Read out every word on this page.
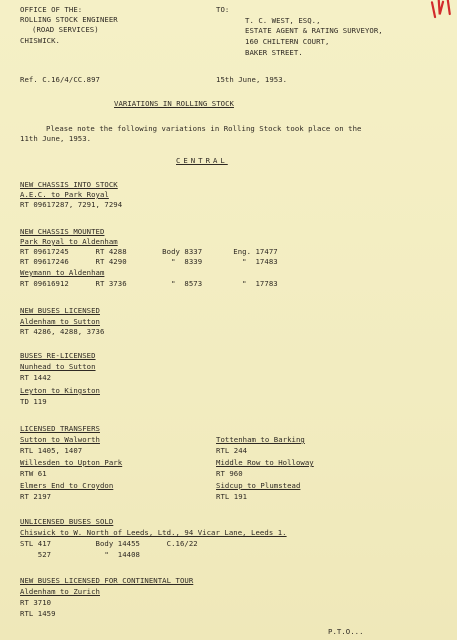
OFFICE OF THE:
ROLLING STOCK ENGINEER
(ROAD SERVICES)
CHISWICK.
TO:
T. C. WEST, ESQ.,
ESTATE AGENT & RATING SURVEYOR,
160 CHILTERN COURT,
BAKER STREET.
Ref. C.16/4/CC.897	15th June, 1953.
VARIATIONS IN ROLLING STOCK
Please note the following variations in Rolling Stock took place on the
11th June, 1953.
CENTRAL
NEW CHASSIS INTO STOCK
A.E.C. to Park Royal
RT 09617287, 7291, 7294
NEW CHASSIS MOUNTED
Park Royal to Aldenham
RT 09617245      RT 4288        Body 8337       Eng. 17477
RT 09617246      RT 4290          "  8339         "  17483
Weymann to Aldenham
RT 09616912      RT 3736          "  8573         "  17783
NEW BUSES LICENSED
Aldenham to Sutton
RT 4286, 4288, 3736
BUSES RE-LICENSED
Nunhead to Sutton
RT 1442
Leyton to Kingston
TD 119
LICENSED TRANSFERS
Sutton to Walworth
RTL 1405, 1407
Willesden to Upton Park
RTW 61
Elmers End to Croydon
RT 2197
Tottenham to Barking
RTL 244
Middle Row to Holloway
RT 960
Sidcup to Plumstead
RTL 191
UNLICENSED BUSES SOLD
Chiswick to W. North of Leeds, Ltd., 94 Vicar Lane, Leeds 1.
STL 417          Body 14455      C.16/22
527            "  14408
NEW BUSES LICENSED FOR CONTINENTAL TOUR
Aldenham to Zurich
RT 3710
RTL 1459
P.T.O...
